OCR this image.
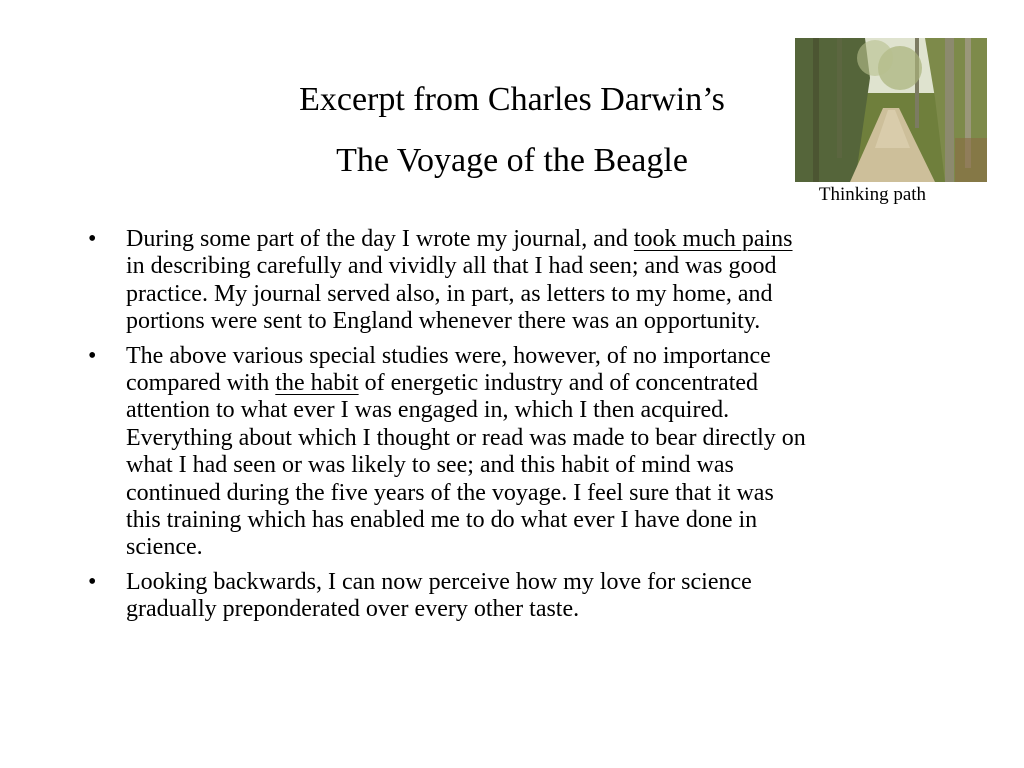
Excerpt from Charles Darwin’s

The Voyage of the Beagle

Thinking path
• During some part of the day I wrote my journal, and took much pains
in describing carefully and vividly all that I had seen; and was good
practice. My journal served also, in part, as letters to my home, and
portions were sent to England whenever there was an opportunity.
• The above various special studies were, however, of no importance
compared with the habit of energetic industry and of concentrated
attention to what ever I was engaged in, which I then acquired.
Everything about which I thought or read was made to bear directly on
what I had seen or was likely to see; and this habit of mind was
continued during the five years of the voyage. I feel sure that it was
this training which has enabled me to do what ever I have done in
science.
• Looking backwards, I can now perceive how my love for science
gradually preponderated over every other taste.
